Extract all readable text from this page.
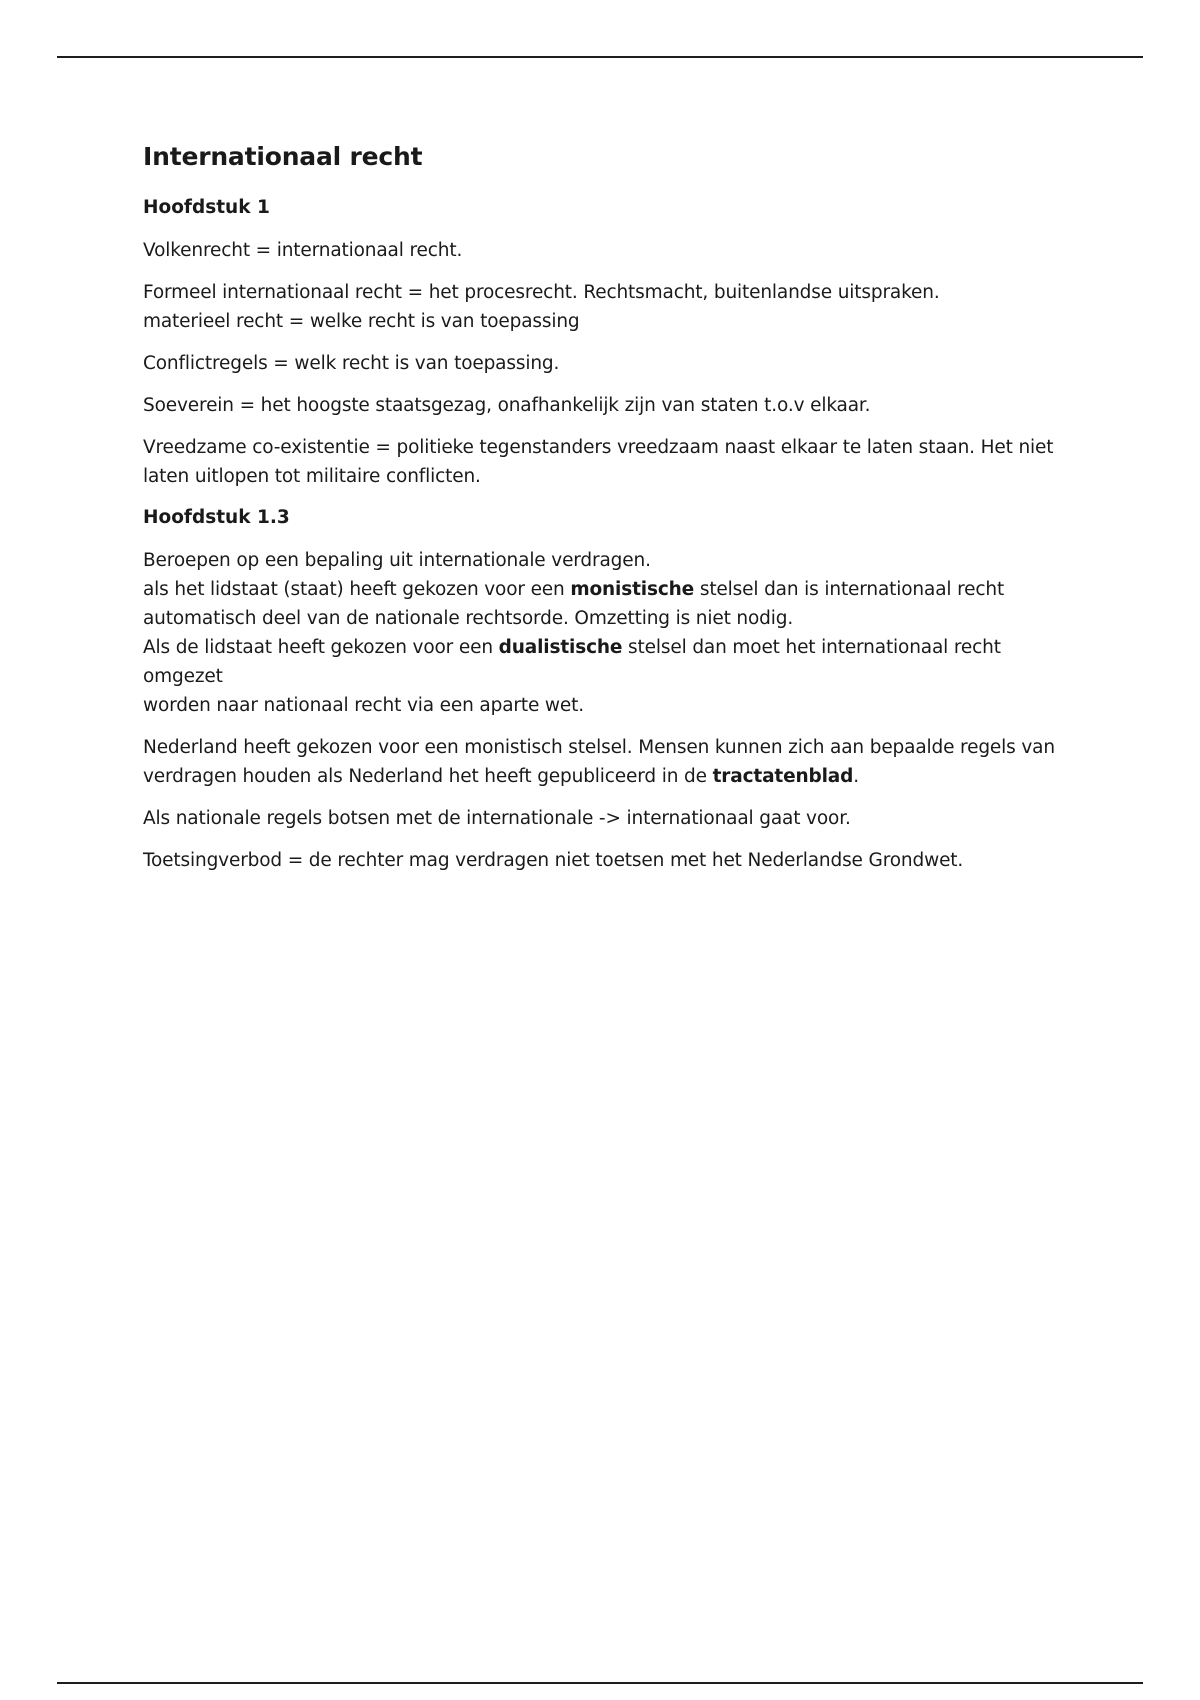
Internationaal recht
Hoofdstuk 1

Volkenrecht = internationaal recht.

Formeel internationaal recht = het procesrecht. Rechtsmacht, buitenlandse uitspraken.
materieel recht = welke recht is van toepassing

Conflictregels = welk recht is van toepassing.

Soeverein = het hoogste staatsgezag, onafhankelijk zijn van staten t.o.v elkaar.

Vreedzame co-existentie = politieke tegenstanders vreedzaam naast elkaar te laten staan. Het niet
laten uitlopen tot militaire conflicten.

Hoofdstuk 1.3

Beroepen op een bepaling uit internationale verdragen.
als het lidstaat (staat) heeft gekozen voor een monistische stelsel dan is internationaal recht
automatisch deel van de nationale rechtsorde. Omzetting is niet nodig.
Als de lidstaat heeft gekozen voor een dualistische stelsel dan moet het internationaal recht omgezet
worden naar nationaal recht via een aparte wet.

Nederland heeft gekozen voor een monistisch stelsel. Mensen kunnen zich aan bepaalde regels van
verdragen houden als Nederland het heeft gepubliceerd in de tractatenblad.

Als nationale regels botsen met de internationale -> internationaal gaat voor.

Toetsingverbod = de rechter mag verdragen niet toetsen met het Nederlandse Grondwet.
